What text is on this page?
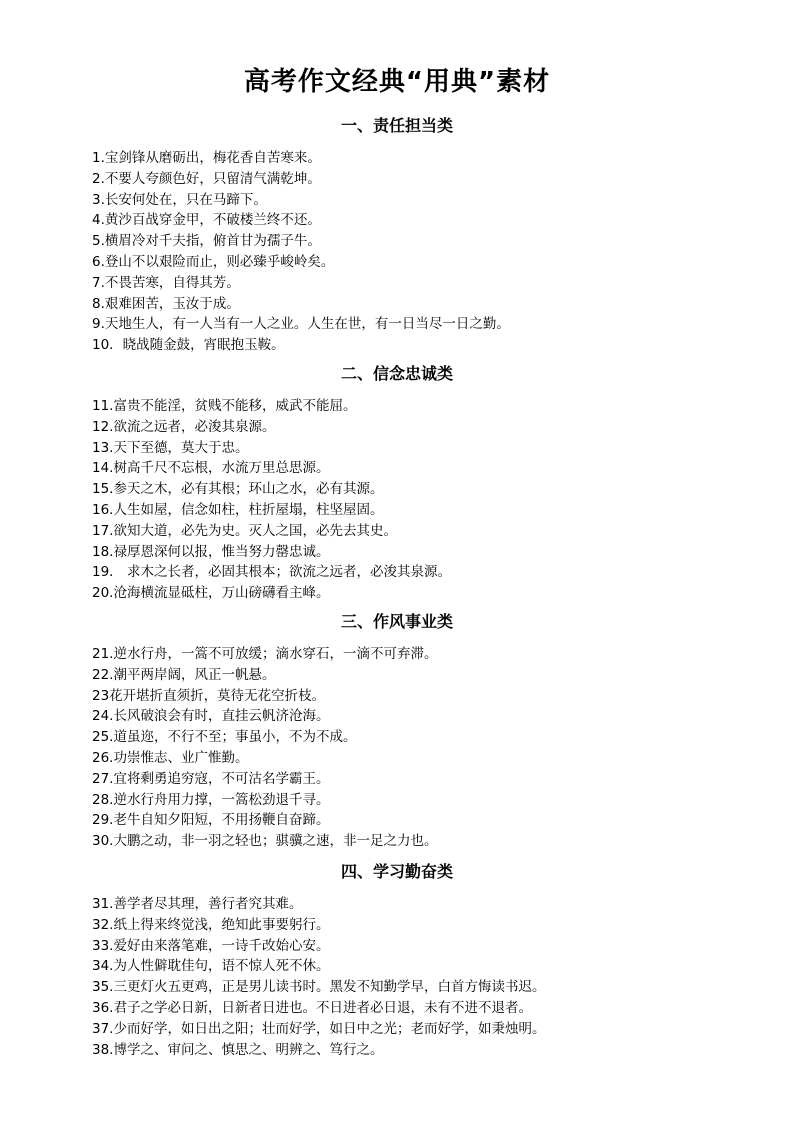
高考作文经典“用典”素材
一、责任担当类
1.宝剑锋从磨砺出，梅花香自苦寒来。
2.不要人夸颜色好，只留清气满乾坤。
3.长安何处在，只在马蹄下。
4.黄沙百战穿金甲，不破楼兰终不还。
5.横眉冷对千夫指，俯首甘为孺子牛。
6.登山不以艰险而止，则必臻乎峻岭矣。
7.不畏苦寒，自得其芳。
8.艰难困苦，玉汝于成。
9.天地生人，有一人当有一人之业。人生在世，有一日当尽一日之勤。
10．晓战随金鼓，宵眠抱玉鞍。
二、信念忠诚类
11.富贵不能淫，贫贱不能移，威武不能屈。
12.欲流之远者，必浚其泉源。
13.天下至德，莫大于忠。
14.树高千尺不忘根，水流万里总思源。
15.参天之木，必有其根；环山之水，必有其源。
16.人生如屋，信念如柱，柱折屋塌，柱坚屋固。
17.欲知大道，必先为史。灭人之国，必先去其史。
18.禄厚恩深何以报，惟当努力罄忠诚。
19． 求木之长者，必固其根本；欲流之远者，必浚其泉源。
20.沧海横流显砥柱，万山磅礴看主峰。
三、作风事业类
21.逆水行舟，一篙不可放缓；滴水穿石，一滴不可弃滞。
22.潮平两岸阔，风正一帆悬。
23花开堪折直须折，莫待无花空折枝。
24.长风破浪会有时，直挂云帆济沧海。
25.道虽迩，不行不至；事虽小，不为不成。
26.功崇惟志、业广惟勤。
27.宜将剩勇追穷寇，不可沽名学霸王。
28.逆水行舟用力撑，一篙松劲退千寻。
29.老牛自知夕阳短，不用扬鞭自奋蹄。
30.大鹏之动，非一羽之轻也；骐骥之速，非一足之力也。
四、学习勤奋类
31.善学者尽其理，善行者究其难。
32.纸上得来终觉浅，绝知此事要躬行。
33.爱好由来落笔难，一诗千改始心安。
34.为人性僻耽佳句，语不惊人死不休。
35.三更灯火五更鸡，正是男儿读书时。黑发不知勤学早，白首方悔读书迟。
36.君子之学必日新，日新者日进也。不日进者必日退，未有不进不退者。
37.少而好学，如日出之阳；壮而好学，如日中之光；老而好学，如秉烛明。
38.博学之、审问之、慎思之、明辨之、笃行之。
